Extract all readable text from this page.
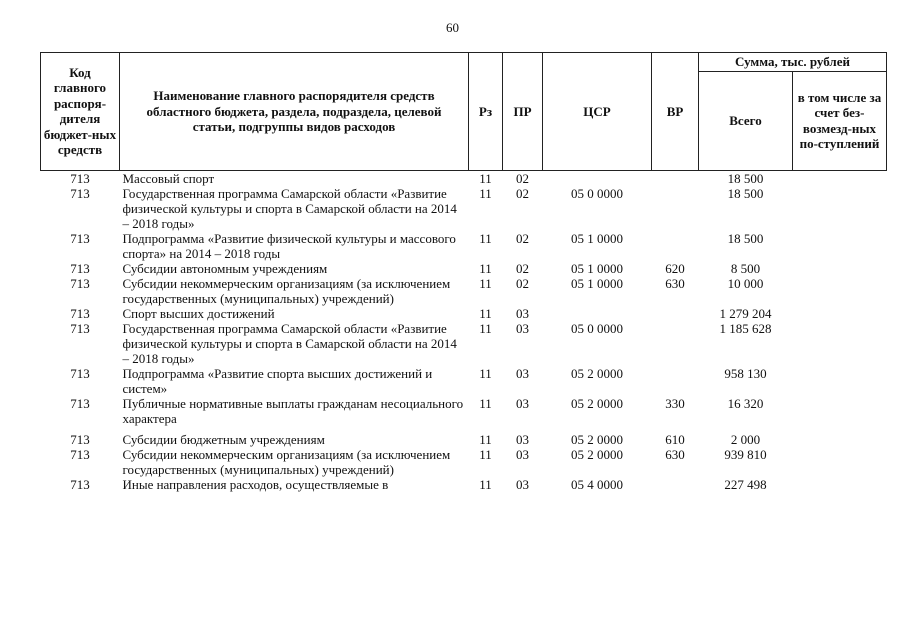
60
Код главного распоря-дителя бюджет-ных средств	Наименование главного распорядителя средств областного бюджета, раздела, подраздела, целевой статьи, подгруппы видов расходов	Рз	ПР	ЦСР	ВР	Сумма, тыс. рублей	
						Всего	в том числе за счет без-возмезд-ных по-ступлений
713	Массовый спорт	11	02			18 500	
713	Государственная программа Самарской области «Развитие физической культуры и спорта в Самарской области на 2014 – 2018 годы»	11	02	05 0 0000		18 500	
713	Подпрограмма «Развитие физической культуры и массового спорта» на 2014 – 2018 годы	11	02	05 1 0000		18 500	
713	Субсидии автономным учреждениям	11	02	05 1 0000	620	8 500	
713	Субсидии некоммерческим организациям (за исключением государственных (муниципальных) учреждений)	11	02	05 1 0000	630	10 000	
713	Спорт высших достижений	11	03			1 279 204	
713	Государственная программа Самарской области «Развитие физической культуры и спорта в Самарской области на 2014 – 2018 годы»	11	03	05 0 0000		1 185 628	
713	Подпрограмма «Развитие спорта высших достижений и систем»	11	03	05 2 0000		958 130	
713	Публичные нормативные выплаты гражданам несоциального характера	11	03	05 2 0000	330	16 320	
713	Субсидии бюджетным учреждениям	11	03	05 2 0000	610	2 000	
713	Субсидии некоммерческим организациям (за исключением государственных (муниципальных) учреждений)	11	03	05 2 0000	630	939 810	
713	Иные направления расходов, осуществляемые в	11	03	05 4 0000		227 498	
